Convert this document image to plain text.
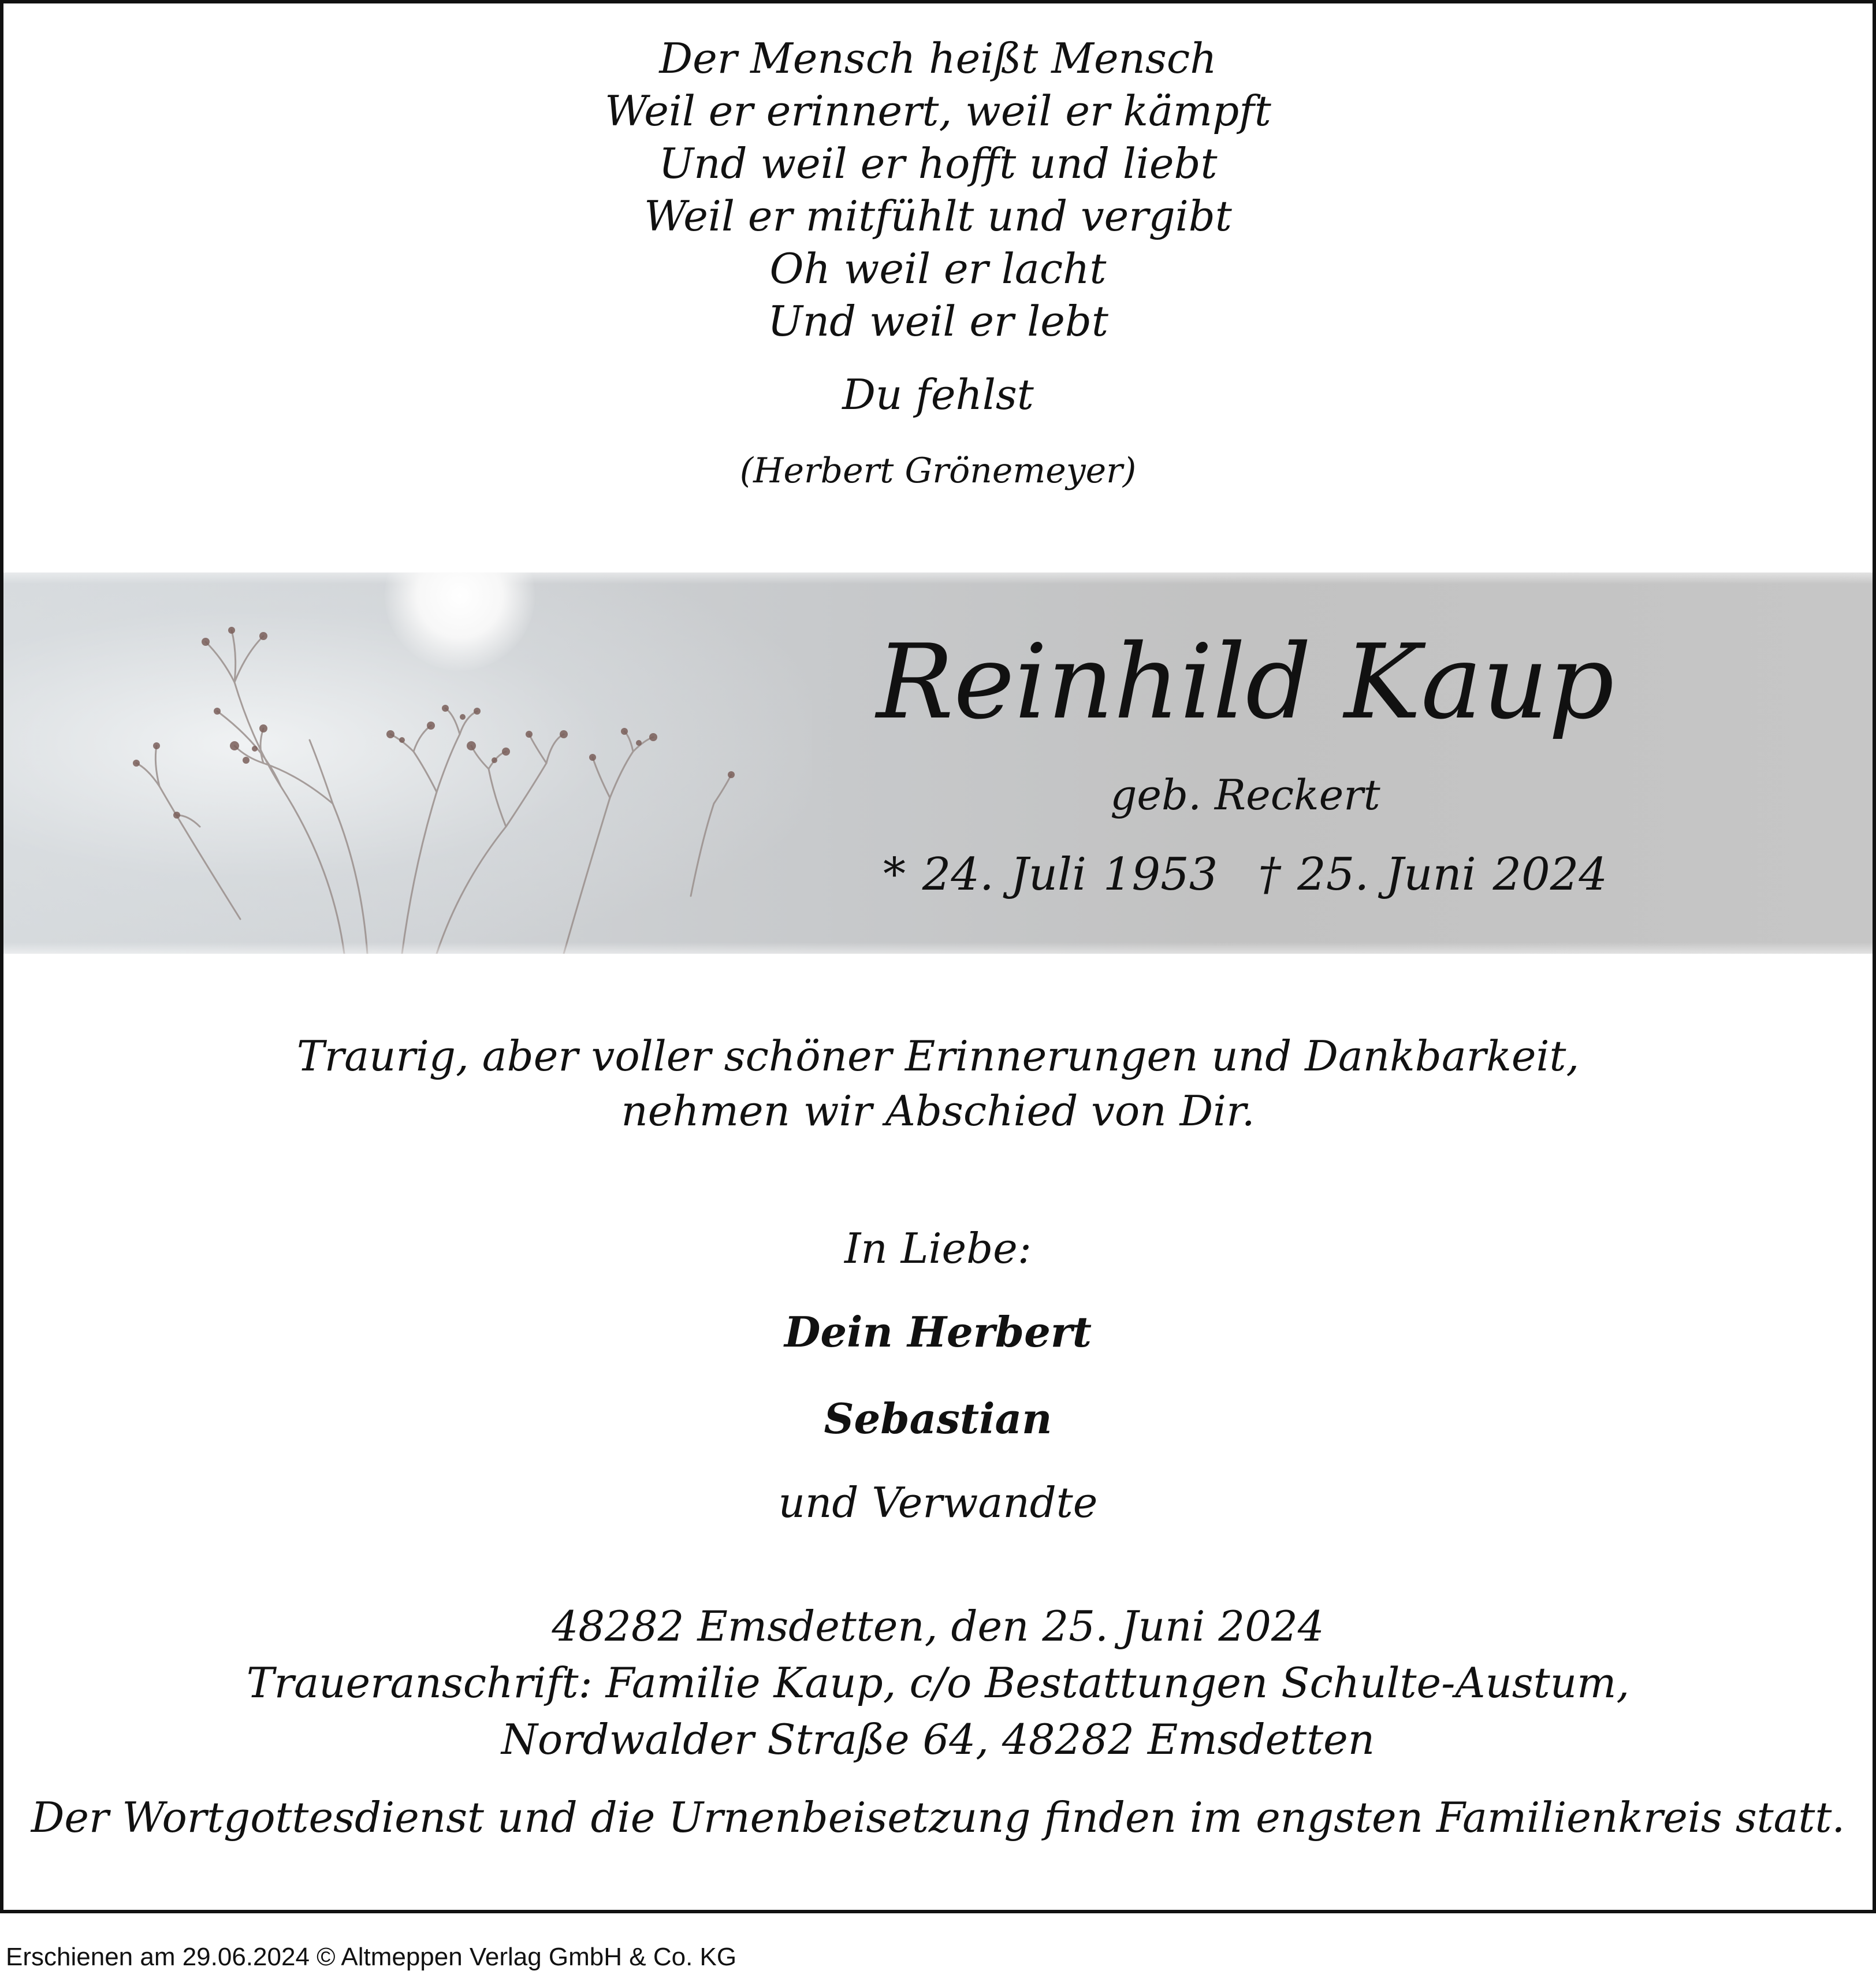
Der Mensch heißt Mensch
Weil er erinnert, weil er kämpft
Und weil er hofft und liebt
Weil er mitfühlt und vergibt
Oh weil er lacht
Und weil er lebt
Du fehlst
(Herbert Grönemeyer)
Reinhild Kaup
geb. Reckert
* 24. Juli 1953 † 25. Juni 2024
Traurig, aber voller schöner Erinnerungen und Dankbarkeit,
nehmen wir Abschied von Dir.
In Liebe:
Dein Herbert
Sebastian
und Verwandte
48282 Emsdetten, den 25. Juni 2024
Traueranschrift: Familie Kaup, c/o Bestattungen Schulte-Austum,
Nordwalder Straße 64, 48282 Emsdetten
Der Wortgottesdienst und die Urnenbeisetzung finden im engsten Familienkreis statt.
Erschienen am 29.06.2024 © Altmeppen Verlag GmbH & Co. KG
